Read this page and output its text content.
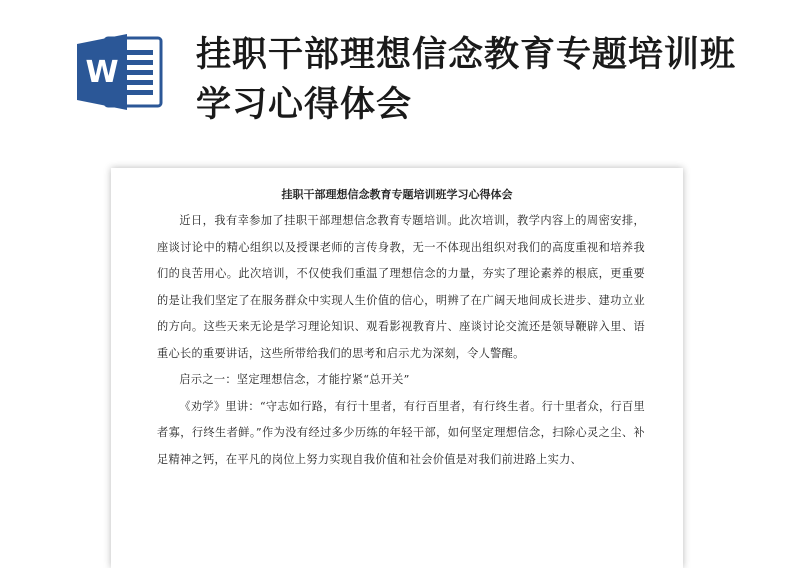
W 挂职干部理想信念教育专题培训班学习心得体会
挂职干部理想信念教育专题培训班学习心得体会

近日，我有幸参加了挂职干部理想信念教育专题培训。此次培训，教学内容上的周密安排，座谈讨论中的精心组织以及授课老师的言传身教，无一不体现出组织对我们的高度重视和培养我们的良苦用心。此次培训，不仅使我们重温了理想信念的力量，夯实了理论素养的根底，更重要的是让我们坚定了在服务群众中实现人生价值的信心，明辨了在广阔天地间成长进步、建功立业的方向。这些天来无论是学习理论知识、观看影视教育片、座谈讨论交流还是领导鞭辟入里、语重心长的重要讲话，这些所带给我们的思考和启示尤为深刻，令人警醒。

启示之一：坚定理想信念，才能拧紧“总开关”

《劝学》里讲：“守志如行路，有行十里者，有行百里者，有行终生者。行十里者众，行百里者寡，行终生者鲜。”作为没有经过多少历练的年轻干部，如何坚定理想信念，扫除心灵之尘、补足精神之钙，在平凡的岗位上努力实现自我价值和社会价值是对我们前进路上实力、
